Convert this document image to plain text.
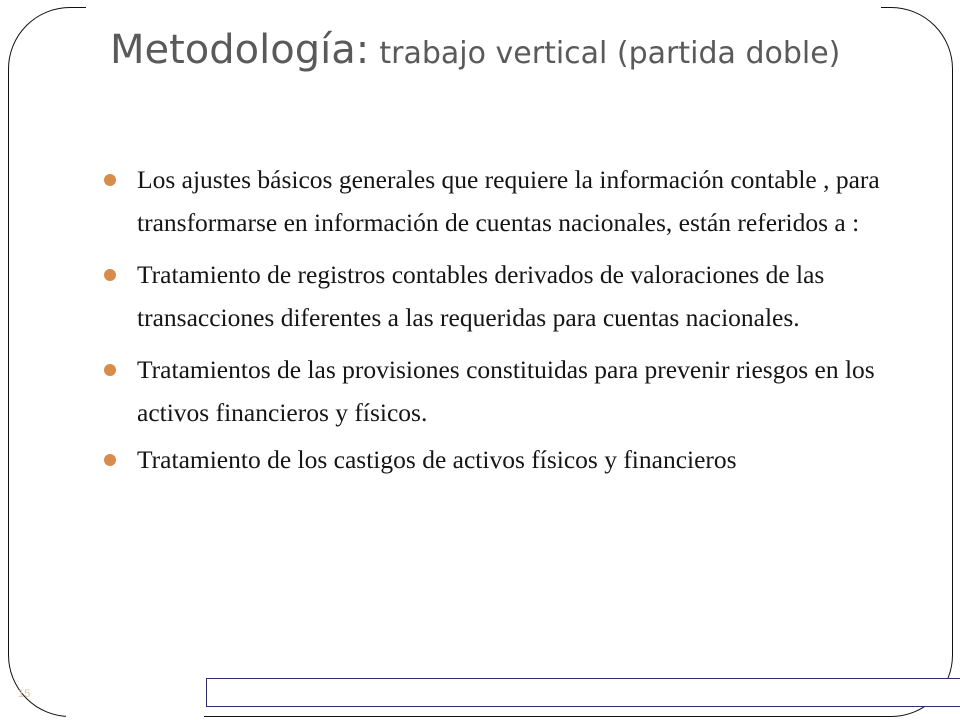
Metodología: trabajo vertical (partida doble)
Los ajustes básicos generales que requiere la información contable , para transformarse en información de cuentas nacionales, están referidos a :
Tratamiento de registros contables derivados de valoraciones de las transacciones diferentes a las requeridas para cuentas nacionales.
Tratamientos de las provisiones constituidas para prevenir riesgos en los activos financieros y físicos.
Tratamiento de los castigos de activos físicos y financieros
15
